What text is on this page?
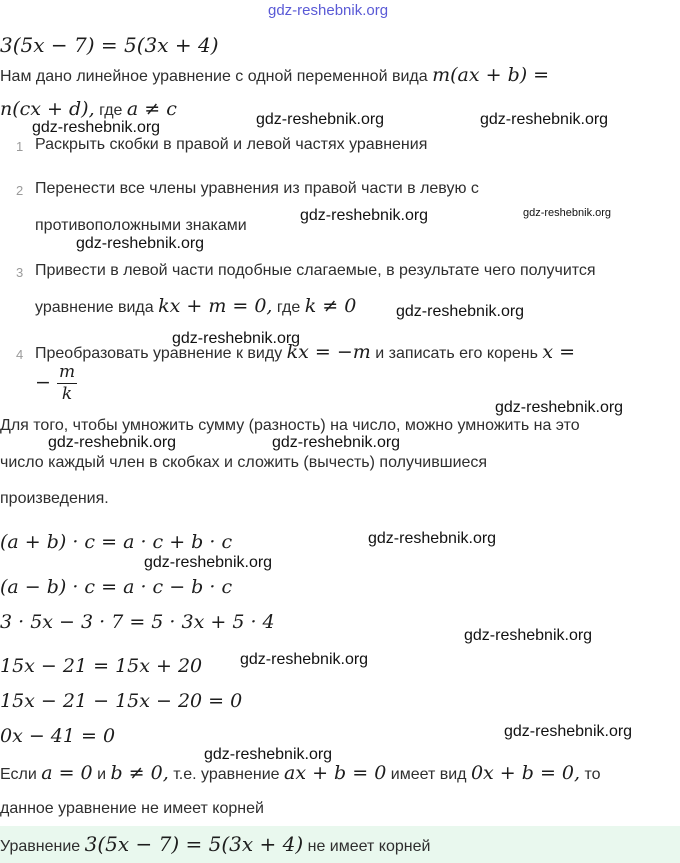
gdz-reshebnik.org
3(5x − 7) = 5(3x + 4)
Нам дано линейное уравнение с одной переменной вида m(ax + b) =
n(cx + d), где a ≠ c
1 Раскрыть скобки в правой и левой частях уравнения
2 Перенести все члены уравнения из правой части в левую с
противоположными знаками
3 Привести в левой части подобные слагаемые, в результате чего получится
уравнение вида kx + m = 0, где k ≠ 0
4 Преобразовать уравнение к виду kx = −m и записать его корень x =
− $\frac{m}{k}$
Для того, чтобы умножить сумму (разность) на число, можно умножить на это
число каждый член в скобках и сложить (вычесть) получившиеся
произведения.
(a + b) · c = a · c + b · c
(a − b) · c = a · c − b · c
3 · 5x − 3 · 7 = 5 · 3x + 5 · 4
15x − 21 = 15x + 20
15x − 21 − 15x − 20 = 0
0x − 41 = 0
Если a = 0 и b ≠ 0, т.е. уравнение ax + b = 0 имеет вид 0x + b = 0, то
данное уравнение не имеет корней
Уравнение 3(5x − 7) = 5(3x + 4) не имеет корней
gdz-reshebnik.org	gdz-reshebnik.org	gdz-reshebnik.org
gdz-reshebnik.org	gdz-reshebnik.org
gdz-reshebnik.org
gdz-reshebnik.org
gdz-reshebnik.org
gdz-reshebnik.org
gdz-reshebnik.org	gdz-reshebnik.org
gdz-reshebnik.org
gdz-reshebnik.org
gdz-reshebnik.org
gdz-reshebnik.org
gdz-reshebnik.org
gdz-reshebnik.org
